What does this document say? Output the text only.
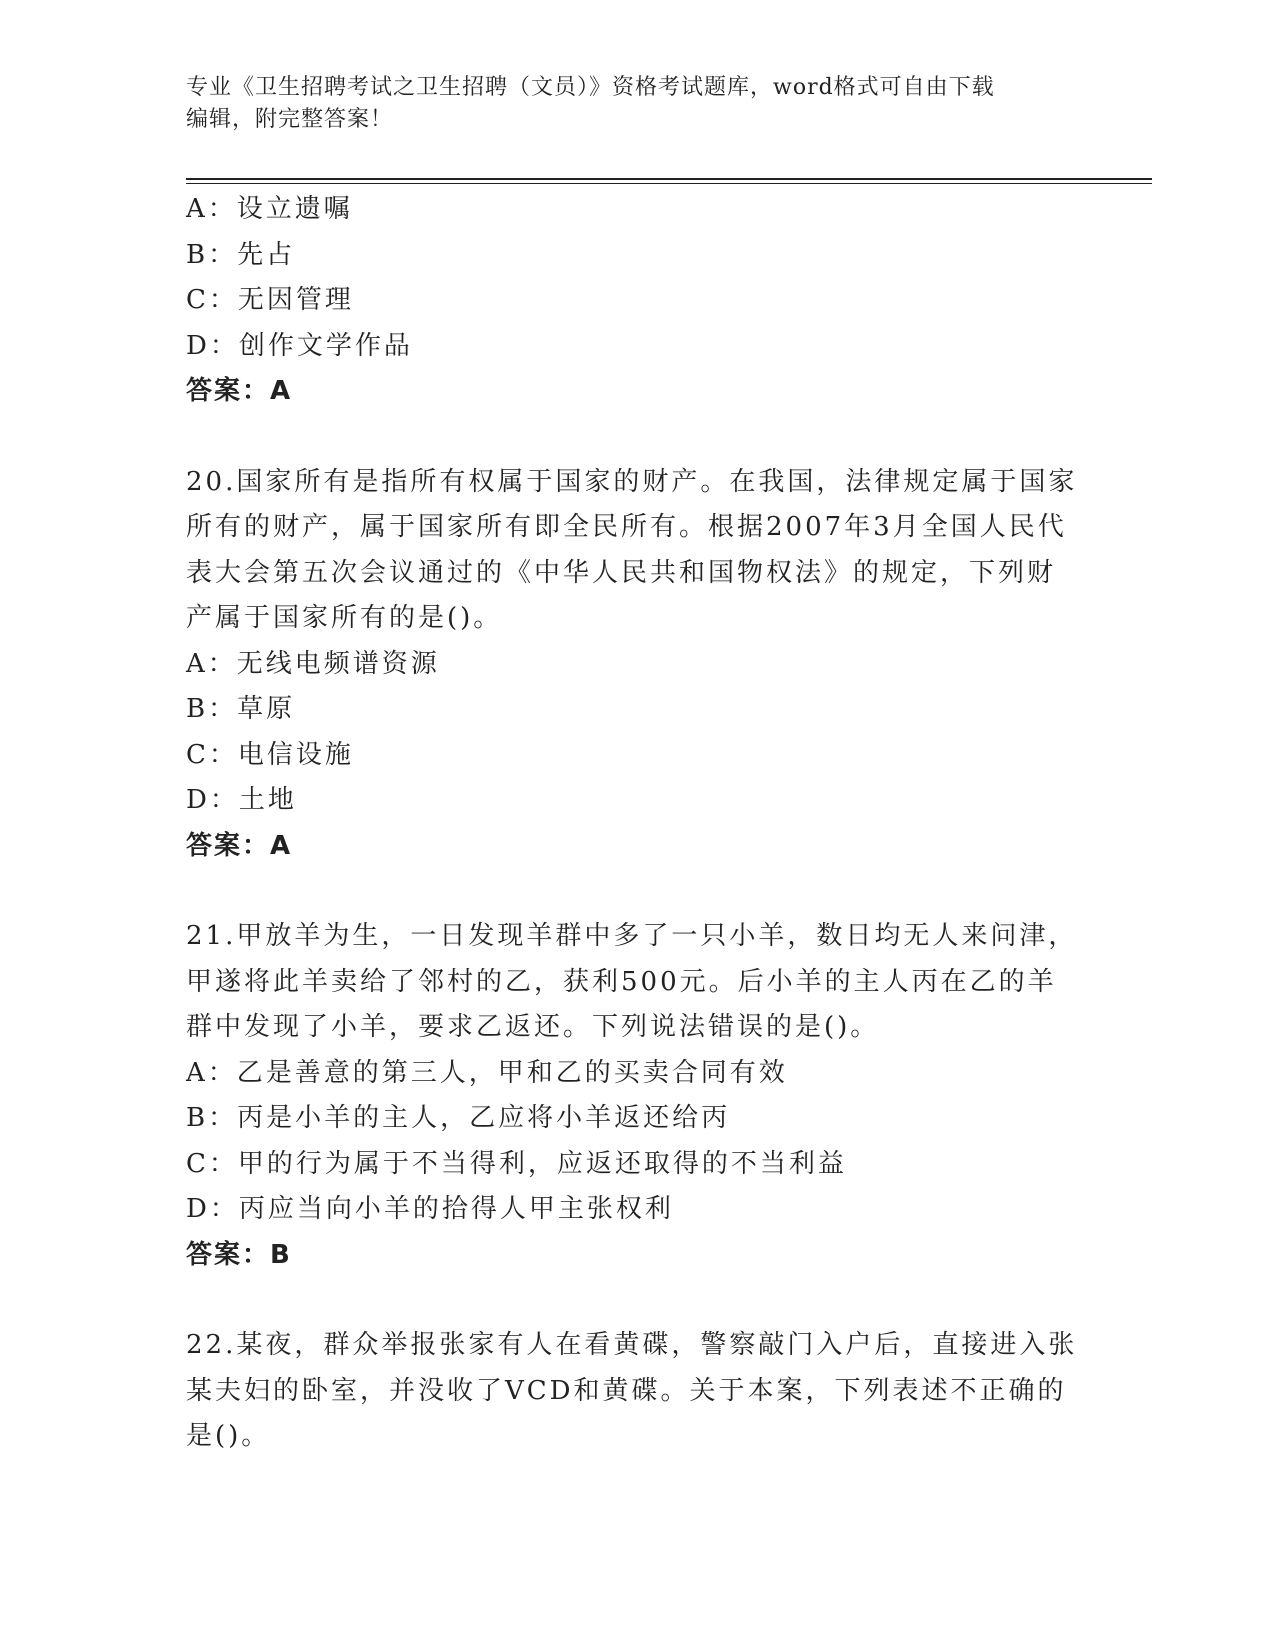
专业《卫生招聘考试之卫生招聘（文员）》资格考试题库，word格式可自由下载
编辑，附完整答案！
A：设立遗嘱
B：先占
C：无因管理
D：创作文学作品
答案：A
20.国家所有是指所有权属于国家的财产。在我国，法律规定属于国家
所有的财产，属于国家所有即全民所有。根据2007年3月全国人民代
表大会第五次会议通过的《中华人民共和国物权法》的规定，下列财
产属于国家所有的是()。
A：无线电频谱资源
B：草原
C：电信设施
D：土地
答案：A
21.甲放羊为生，一日发现羊群中多了一只小羊，数日均无人来问津，
甲遂将此羊卖给了邻村的乙，获利500元。后小羊的主人丙在乙的羊
群中发现了小羊，要求乙返还。下列说法错误的是()。
A：乙是善意的第三人，甲和乙的买卖合同有效
B：丙是小羊的主人，乙应将小羊返还给丙
C：甲的行为属于不当得利，应返还取得的不当利益
D：丙应当向小羊的拾得人甲主张权利
答案：B
22.某夜，群众举报张家有人在看黄碟，警察敲门入户后，直接进入张
某夫妇的卧室，并没收了VCD和黄碟。关于本案，下列表述不正确的
是()。
